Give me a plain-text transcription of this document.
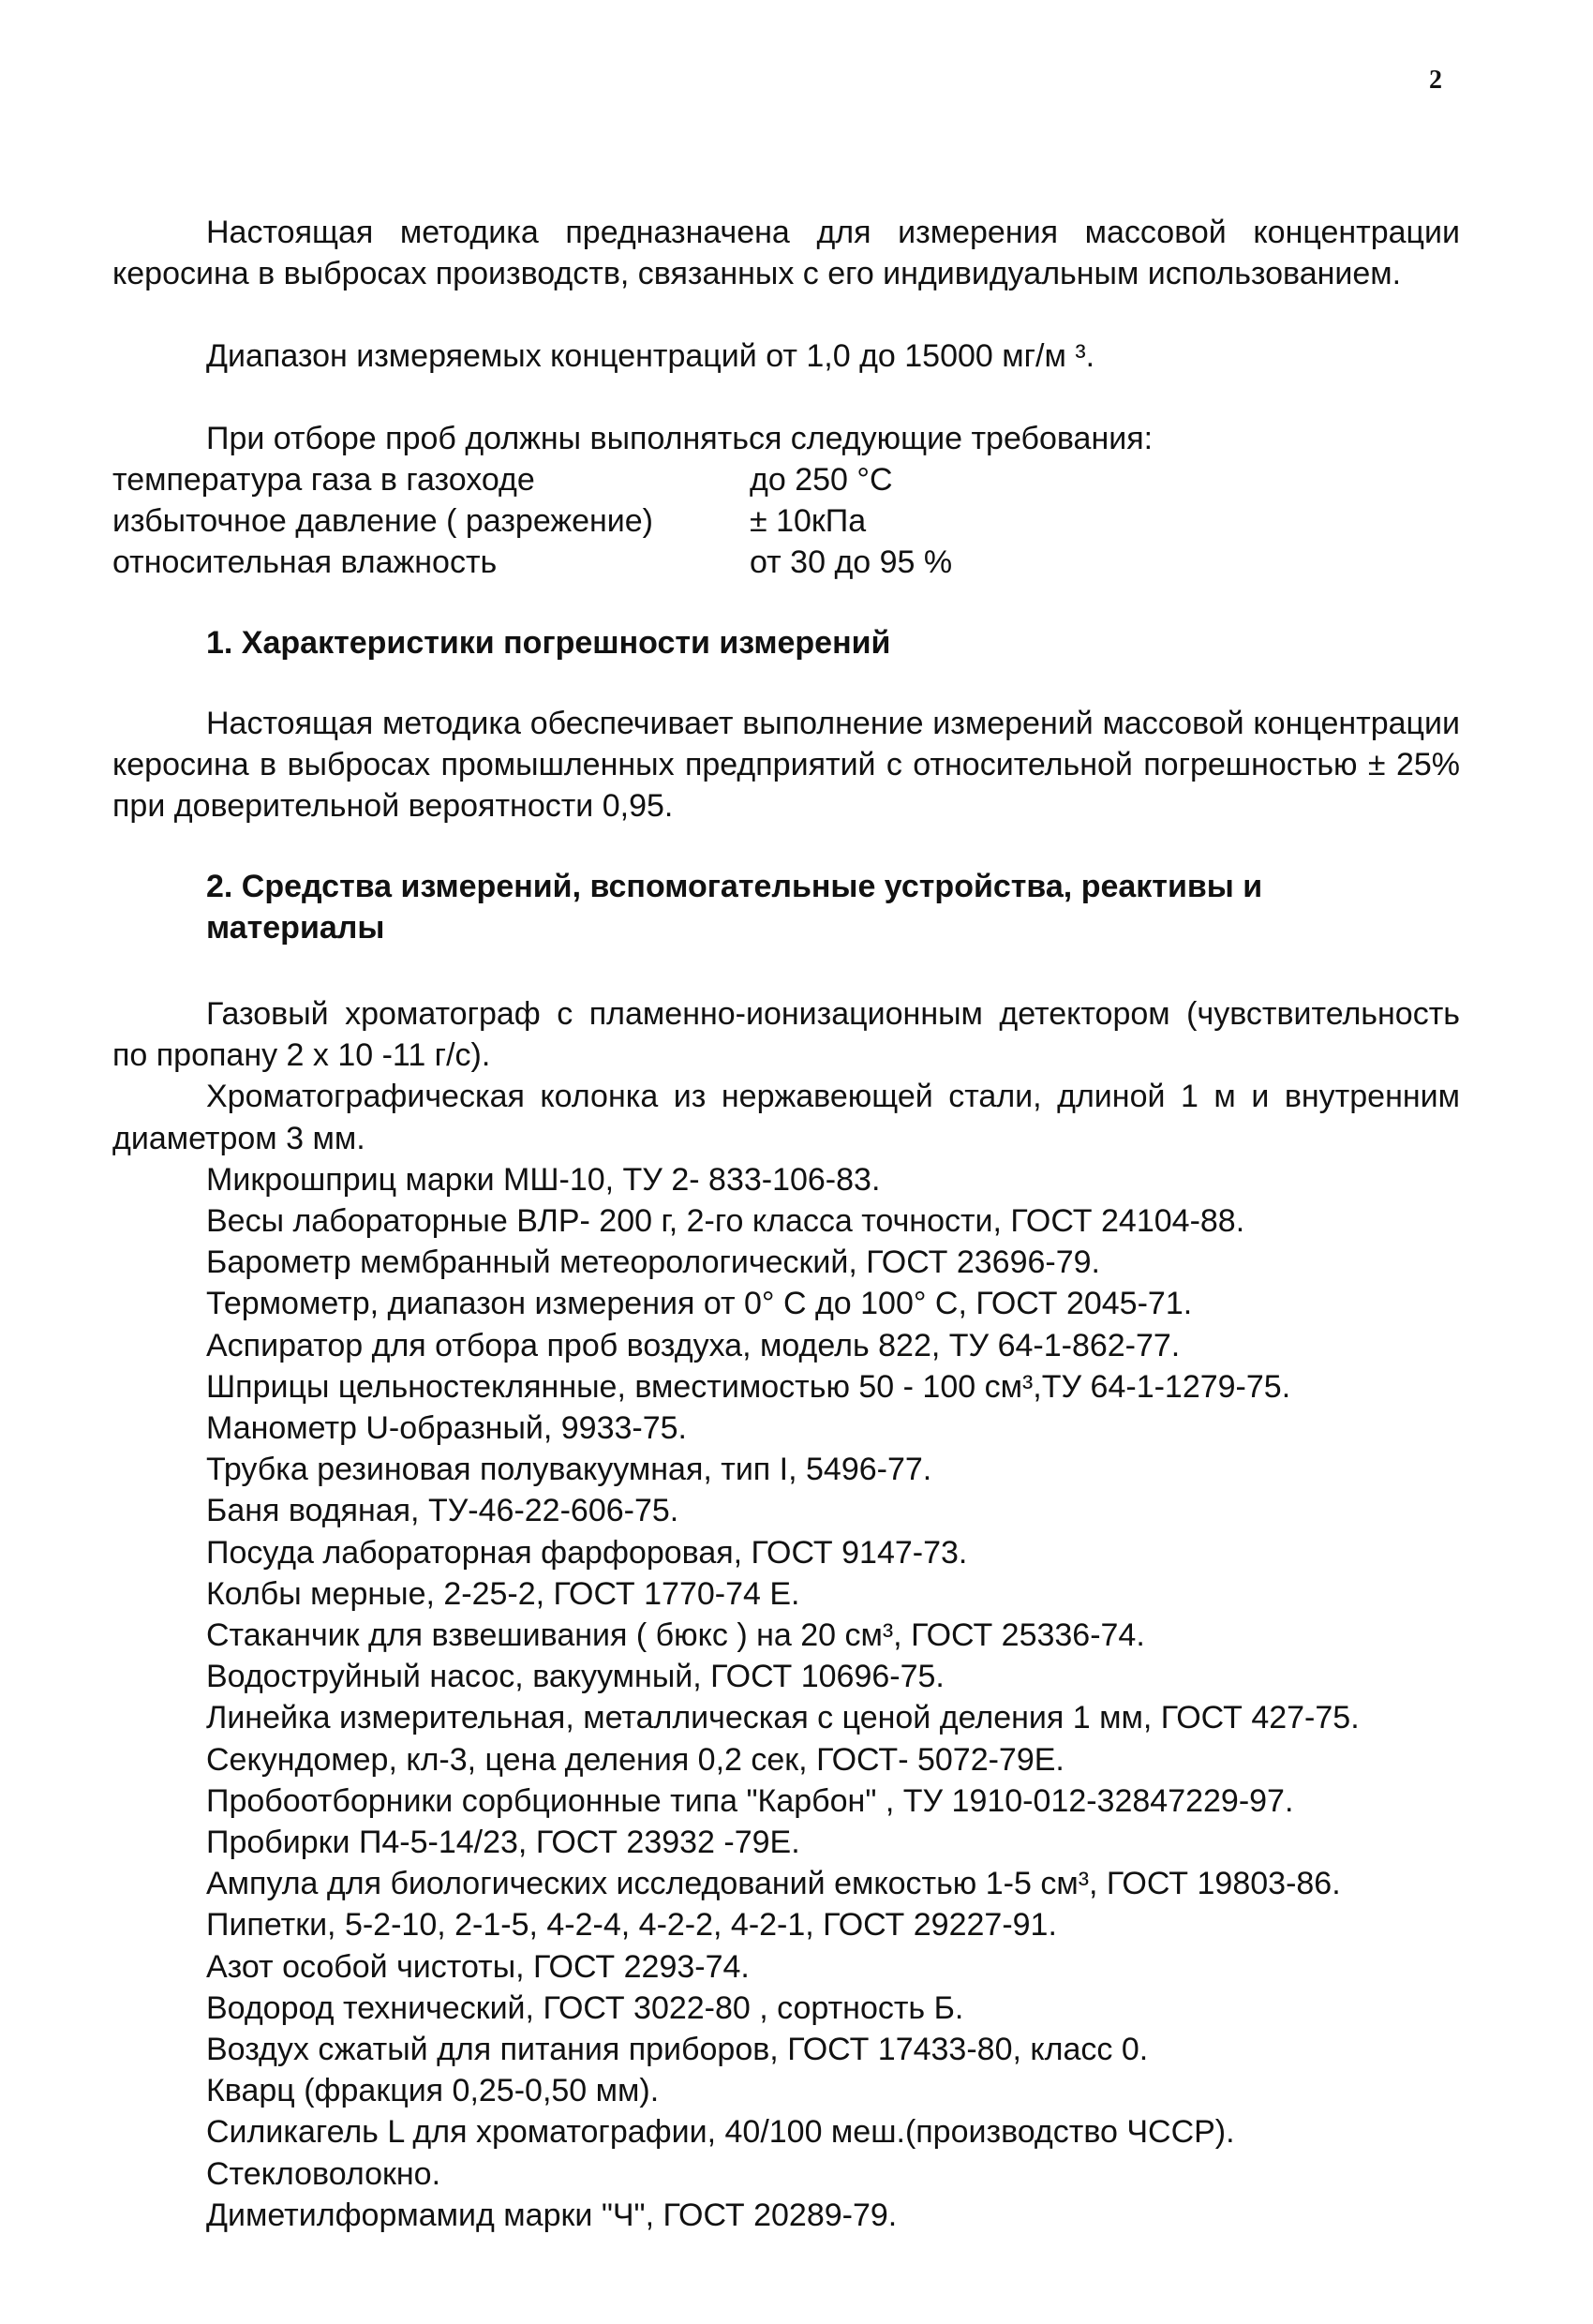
2
Настоящая методика предназначена для измерения массовой концентрации керосина в выбросах производств, связанных с его индивидуальным использованием.
Диапазон измеряемых концентраций от 1,0 до 15000 мг/м ³.
При отборе проб должны выполняться следующие требования:
температура газа в газоходе	до 250 °С
избыточное давление ( разрежение)	± 10кПа
относительная влажность	от 30 до 95 %
1. Характеристики погрешности измерений
Настоящая методика обеспечивает выполнение измерений массовой концентрации керосина в выбросах промышленных предприятий с относительной погрешностью ± 25% при доверительной вероятности 0,95.
2. Средства измерений, вспомогательные устройства, реактивы и материалы
Газовый хроматограф с пламенно-ионизационным детектором (чувствительность по пропану 2 х 10 -11 г/с).
Хроматографическая колонка из нержавеющей стали, длиной 1 м и внутренним диаметром 3 мм.
Микрошприц марки МШ-10, ТУ 2- 833-106-83.
Весы лабораторные ВЛР- 200 г, 2-го класса точности, ГОСТ 24104-88.
Барометр мембранный метеорологический, ГОСТ 23696-79.
Термометр, диапазон измерения от 0° С до 100° С, ГОСТ 2045-71.
Аспиратор для отбора проб воздуха, модель 822, ТУ 64-1-862-77.
Шприцы цельностеклянные, вместимостью 50 - 100 см³,ТУ 64-1-1279-75.
Манометр U-образный, 9933-75.
Трубка резиновая полувакуумная, тип I, 5496-77.
Баня водяная, ТУ-46-22-606-75.
Посуда лабораторная фарфоровая, ГОСТ 9147-73.
Колбы мерные, 2-25-2, ГОСТ 1770-74 Е.
Стаканчик для взвешивания ( бюкс ) на 20 см³, ГОСТ 25336-74.
Водоструйный насос, вакуумный, ГОСТ 10696-75.
Линейка измерительная, металлическая с ценой деления 1 мм, ГОСТ 427-75.
Секундомер, кл-3, цена деления 0,2 сек, ГОСТ- 5072-79Е.
Пробоотборники сорбционные типа "Карбон" , ТУ 1910-012-32847229-97.
Пробирки П4-5-14/23, ГОСТ 23932 -79Е.
Ампула для биологических исследований емкостью 1-5 см³, ГОСТ 19803-86.
Пипетки, 5-2-10, 2-1-5, 4-2-4, 4-2-2, 4-2-1, ГОСТ 29227-91.
Азот особой чистоты, ГОСТ 2293-74.
Водород технический, ГОСТ 3022-80 , сортность Б.
Воздух сжатый для питания приборов, ГОСТ 17433-80, класс 0.
Кварц (фракция 0,25-0,50 мм).
Силикагель L для хроматографии, 40/100 меш.(производство ЧССР).
Стекловолокно.
Диметилформамид марки "Ч", ГОСТ 20289-79.
